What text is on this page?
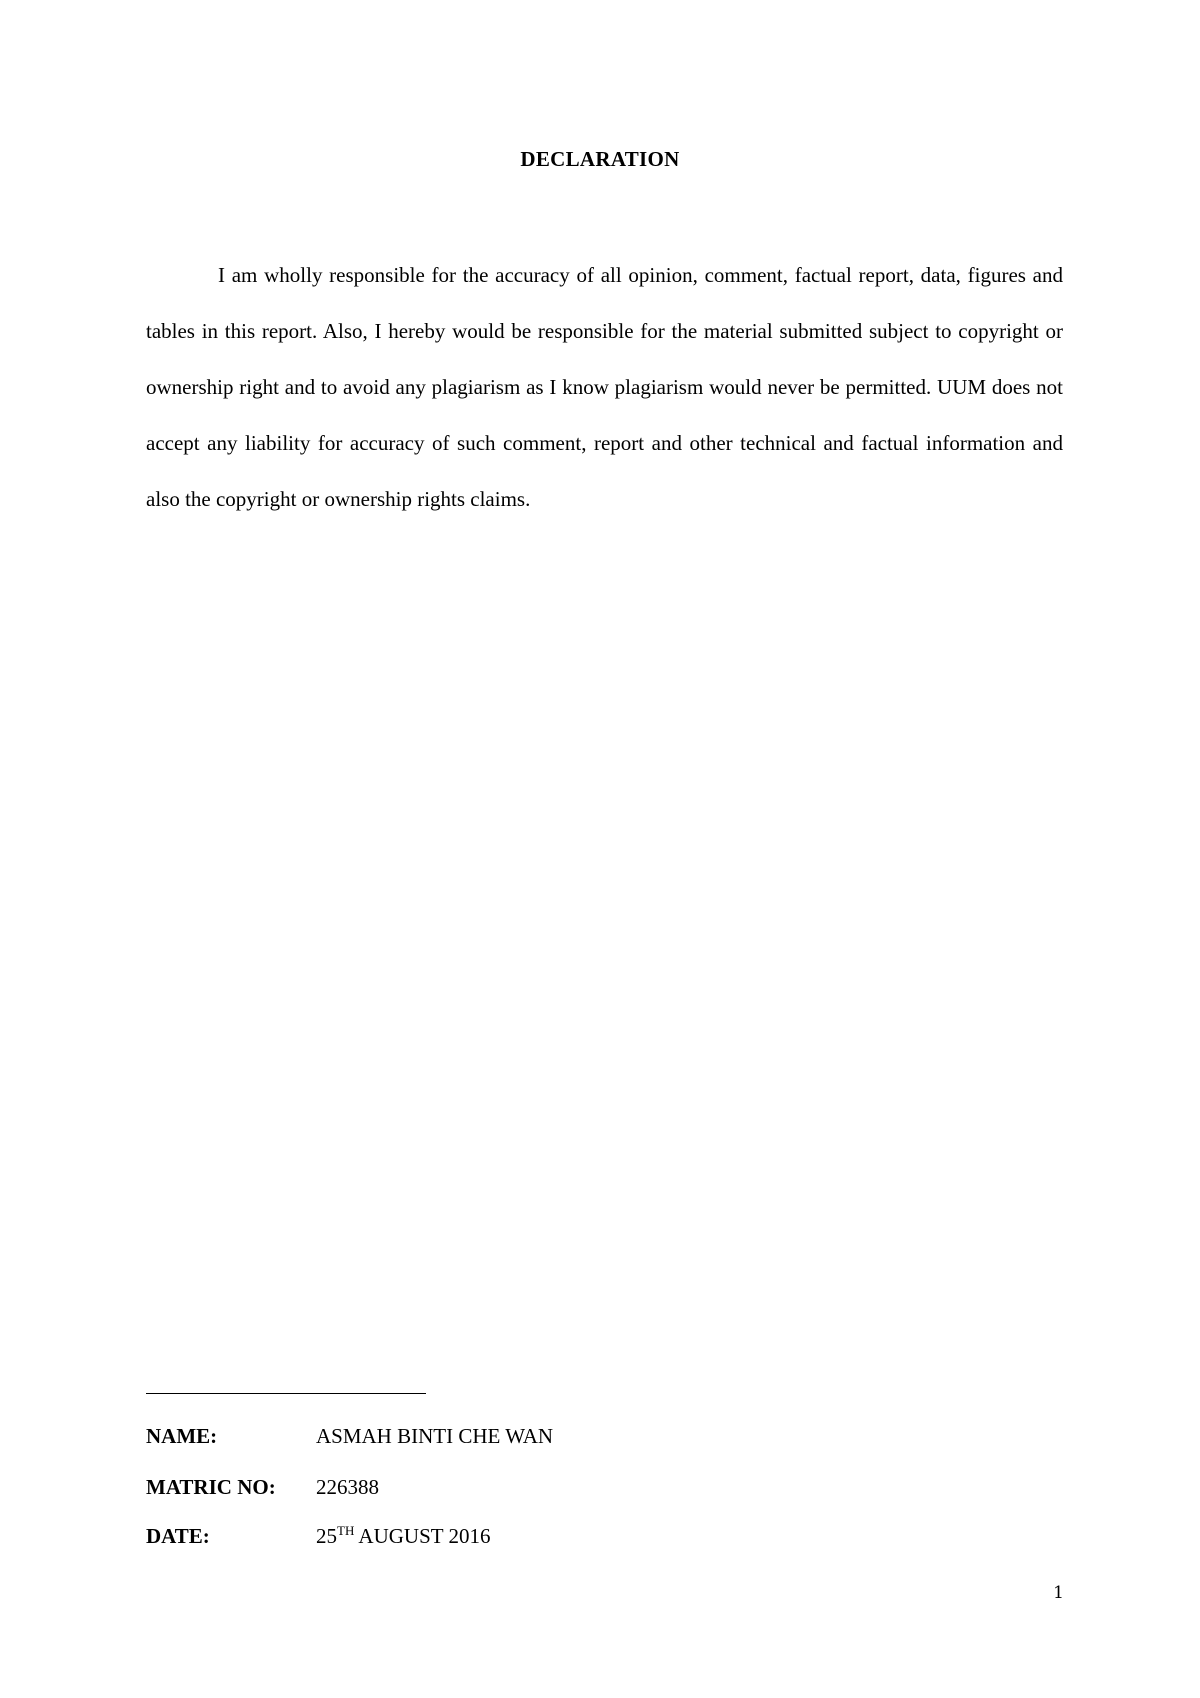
DECLARATION

I am wholly responsible for the accuracy of all opinion, comment, factual report, data, figures and tables in this report. Also, I hereby would be responsible for the material submitted subject to copyright or ownership right and to avoid any plagiarism as I know plagiarism would never be permitted. UUM does not accept any liability for accuracy of such comment, report and other technical and factual information and also the copyright or ownership rights claims.

NAME:	ASMAH BINTI CHE WAN
MATRIC NO: 226388
DATE:	25TH AUGUST 2016
1
